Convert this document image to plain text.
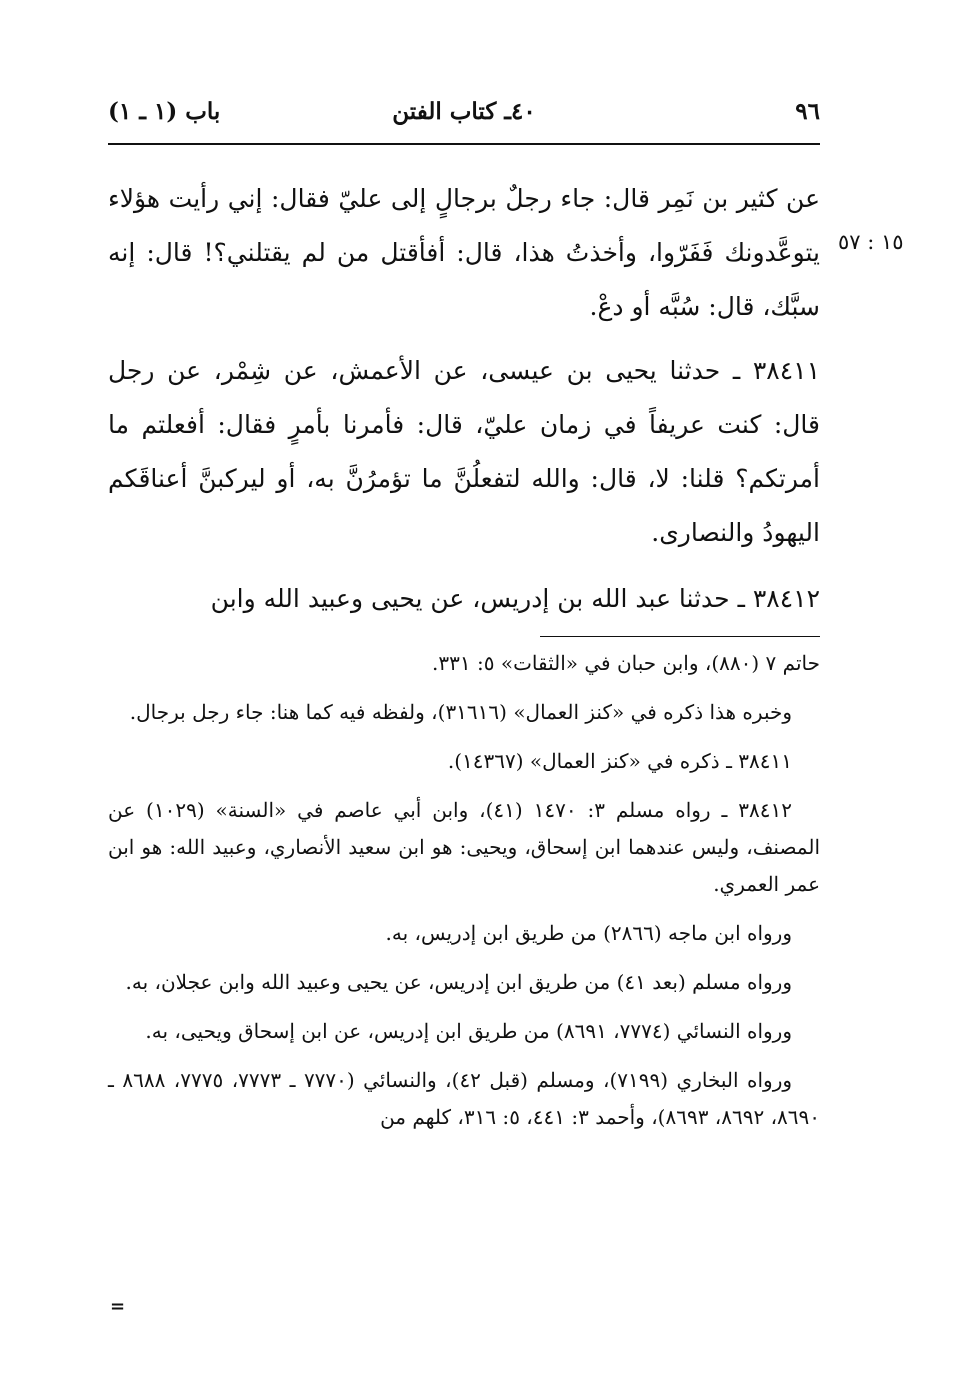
٩٦
٤٠ـ كتاب الفتن
باب (١ ـ ١)
١٥ : ٥٧

عن كثير بن نَمِر قال: جاء رجلٌ برجالٍ إلى عليّ فقال: إني رأيت هؤلاء يتوعَّدونك فَفَرّوا، وأخذتُ هذا، قال: أفأقتل من لم يقتلني؟! قال: إنه سبَّك، قال: سُبَّه أو دعْ.

٣٨٤١١ ـ حدثنا يحيى بن عيسى، عن الأعمش، عن شِمْر، عن رجل قال: كنت عريفاً في زمان عليّ، قال: فأمرنا بأمرٍ فقال: أفعلتم ما أمرتكم؟ قلنا: لا، قال: والله لتفعلُنَّ ما تؤمرُنَّ به، أو ليركبنَّ أعناقَكم اليهودُ والنصارى.

٣٨٤١٢ ـ حدثنا عبد الله بن إدريس، عن يحيى وعبيد الله وابن

حاتم ٧ (٨٨٠)، وابن حبان في «الثقات» ٥: ٣٣١.

وخبره هذا ذكره في «كنز العمال» (٣١٦١٦)، ولفظه فيه كما هنا: جاء رجل برجال.

٣٨٤١١ ـ ذكره في «كنز العمال» (١٤٣٦٧).

٣٨٤١٢ ـ رواه مسلم ٣: ١٤٧٠ (٤١)، وابن أبي عاصم في «السنة» (١٠٢٩) عن المصنف، وليس عندهما ابن إسحاق، ويحيى: هو ابن سعيد الأنصاري، وعبيد الله: هو ابن عمر العمري.

ورواه ابن ماجه (٢٨٦٦) من طريق ابن إدريس، به.

ورواه مسلم (بعد ٤١) من طريق ابن إدريس، عن يحيى وعبيد الله وابن عجلان، به.

ورواه النسائي (٧٧٧٤، ٨٦٩١) من طريق ابن إدريس، عن ابن إسحاق ويحيى، به.

ورواه البخاري (٧١٩٩)، ومسلم (قبل ٤٢)، والنسائي (٧٧٧٠ ـ ٧٧٧٣، ٧٧٧٥، ٨٦٨٨ ـ ٨٦٩٠، ٨٦٩٢، ٨٦٩٣)، وأحمد ٣: ٤٤١، ٥: ٣١٦، كلهم من

=
